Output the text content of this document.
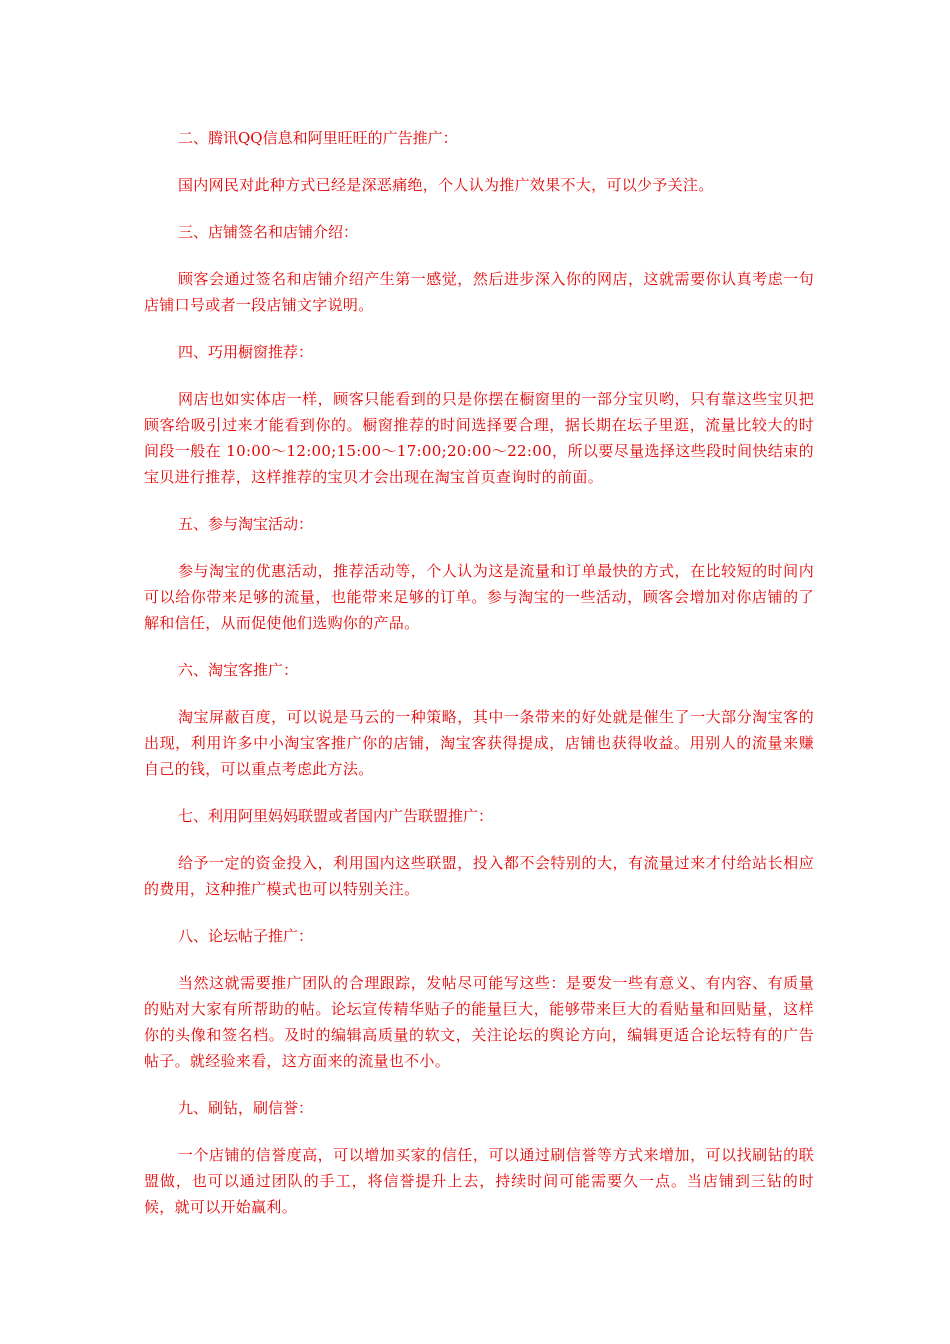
二、腾讯QQ信息和阿里旺旺的广告推广：

国内网民对此种方式已经是深恶痛绝，个人认为推广效果不大，可以少予关注。

三、店铺签名和店铺介绍：

顾客会通过签名和店铺介绍产生第一感觉，然后进步深入你的网店，这就需要你认真考虑一句店铺口号或者一段店铺文字说明。

四、巧用橱窗推荐：

网店也如实体店一样，顾客只能看到的只是你摆在橱窗里的一部分宝贝哟，只有靠这些宝贝把顾客给吸引过来才能看到你的。橱窗推荐的时间选择要合理，据长期在坛子里逛，流量比较大的时间段一般在 10:00～12:00;15:00～17:00;20:00～22:00，所以要尽量选择这些段时间快结束的宝贝进行推荐，这样推荐的宝贝才会出现在淘宝首页查询时的前面。

五、参与淘宝活动：

参与淘宝的优惠活动，推荐活动等，个人认为这是流量和订单最快的方式，在比较短的时间内可以给你带来足够的流量，也能带来足够的订单。参与淘宝的一些活动，顾客会增加对你店铺的了解和信任，从而促使他们选购你的产品。

六、淘宝客推广：

淘宝屏蔽百度，可以说是马云的一种策略，其中一条带来的好处就是催生了一大部分淘宝客的出现，利用许多中小淘宝客推广你的店铺，淘宝客获得提成，店铺也获得收益。用别人的流量来赚自己的钱，可以重点考虑此方法。

七、利用阿里妈妈联盟或者国内广告联盟推广：

给予一定的资金投入，利用国内这些联盟，投入都不会特别的大，有流量过来才付给站长相应的费用，这种推广模式也可以特别关注。

八、论坛帖子推广：

当然这就需要推广团队的合理跟踪，发帖尽可能写这些：是要发一些有意义、有内容、有质量的贴对大家有所帮助的帖。论坛宣传精华贴子的能量巨大，能够带来巨大的看贴量和回贴量，这样你的头像和签名档。及时的编辑高质量的软文，关注论坛的舆论方向，编辑更适合论坛特有的广告帖子。就经验来看，这方面来的流量也不小。

九、刷钻，刷信誉：

一个店铺的信誉度高，可以增加买家的信任，可以通过刷信誉等方式来增加，可以找刷钻的联盟做，也可以通过团队的手工，将信誉提升上去，持续时间可能需要久一点。当店铺到三钻的时候，就可以开始赢利。
